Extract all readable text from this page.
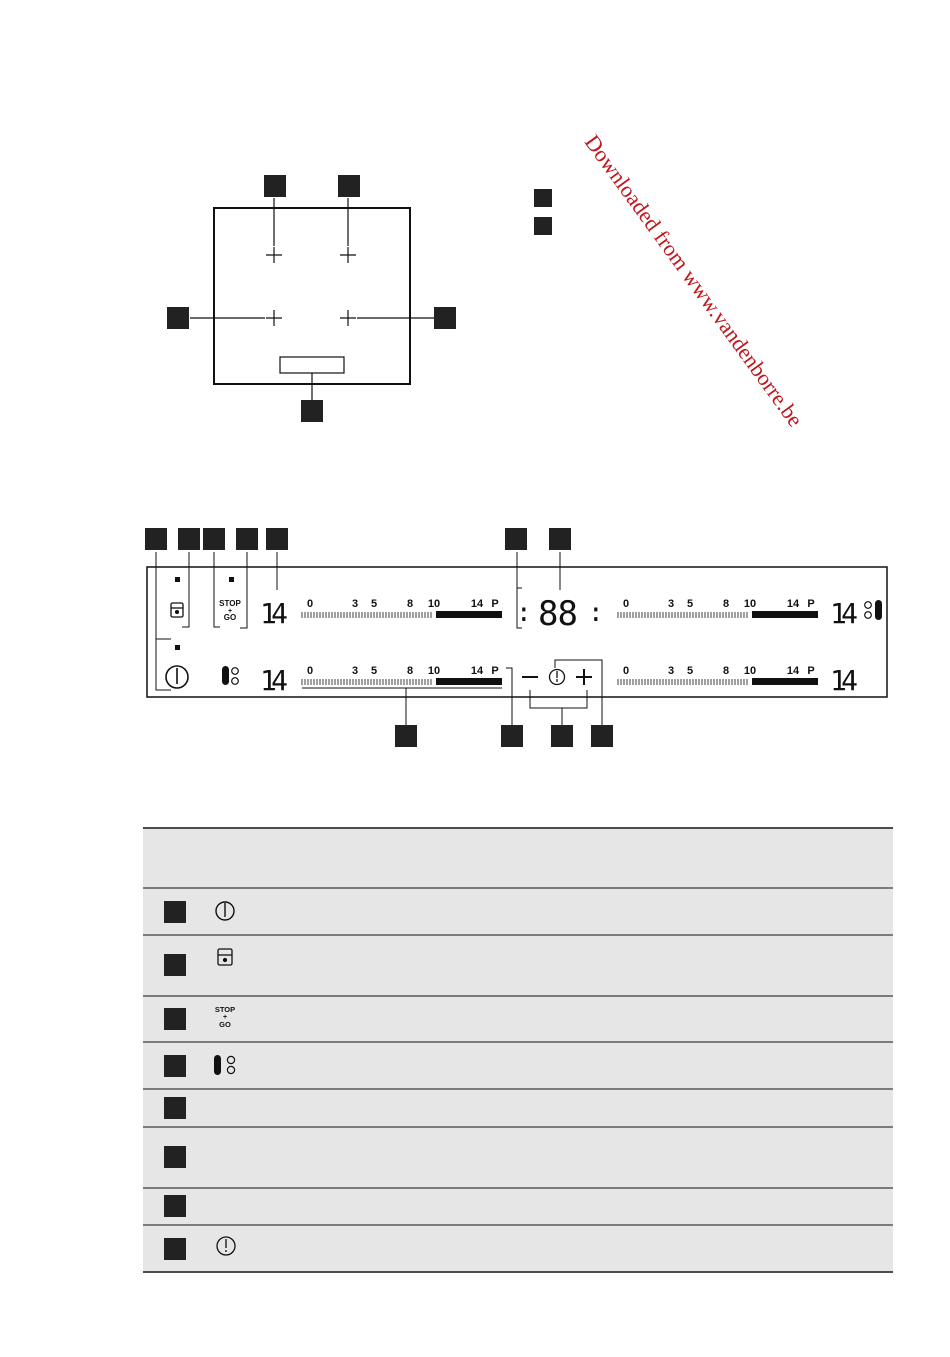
Downloaded from www.vandenborre.be
STOP
+
GO 14
14
14
14
88
: :
0	3 5	8 10	14 P
0	3 5	8 10	14 P
0	3 5	8 10	14 P
0	3 5	8 10	14 P
STOP
+
GO
